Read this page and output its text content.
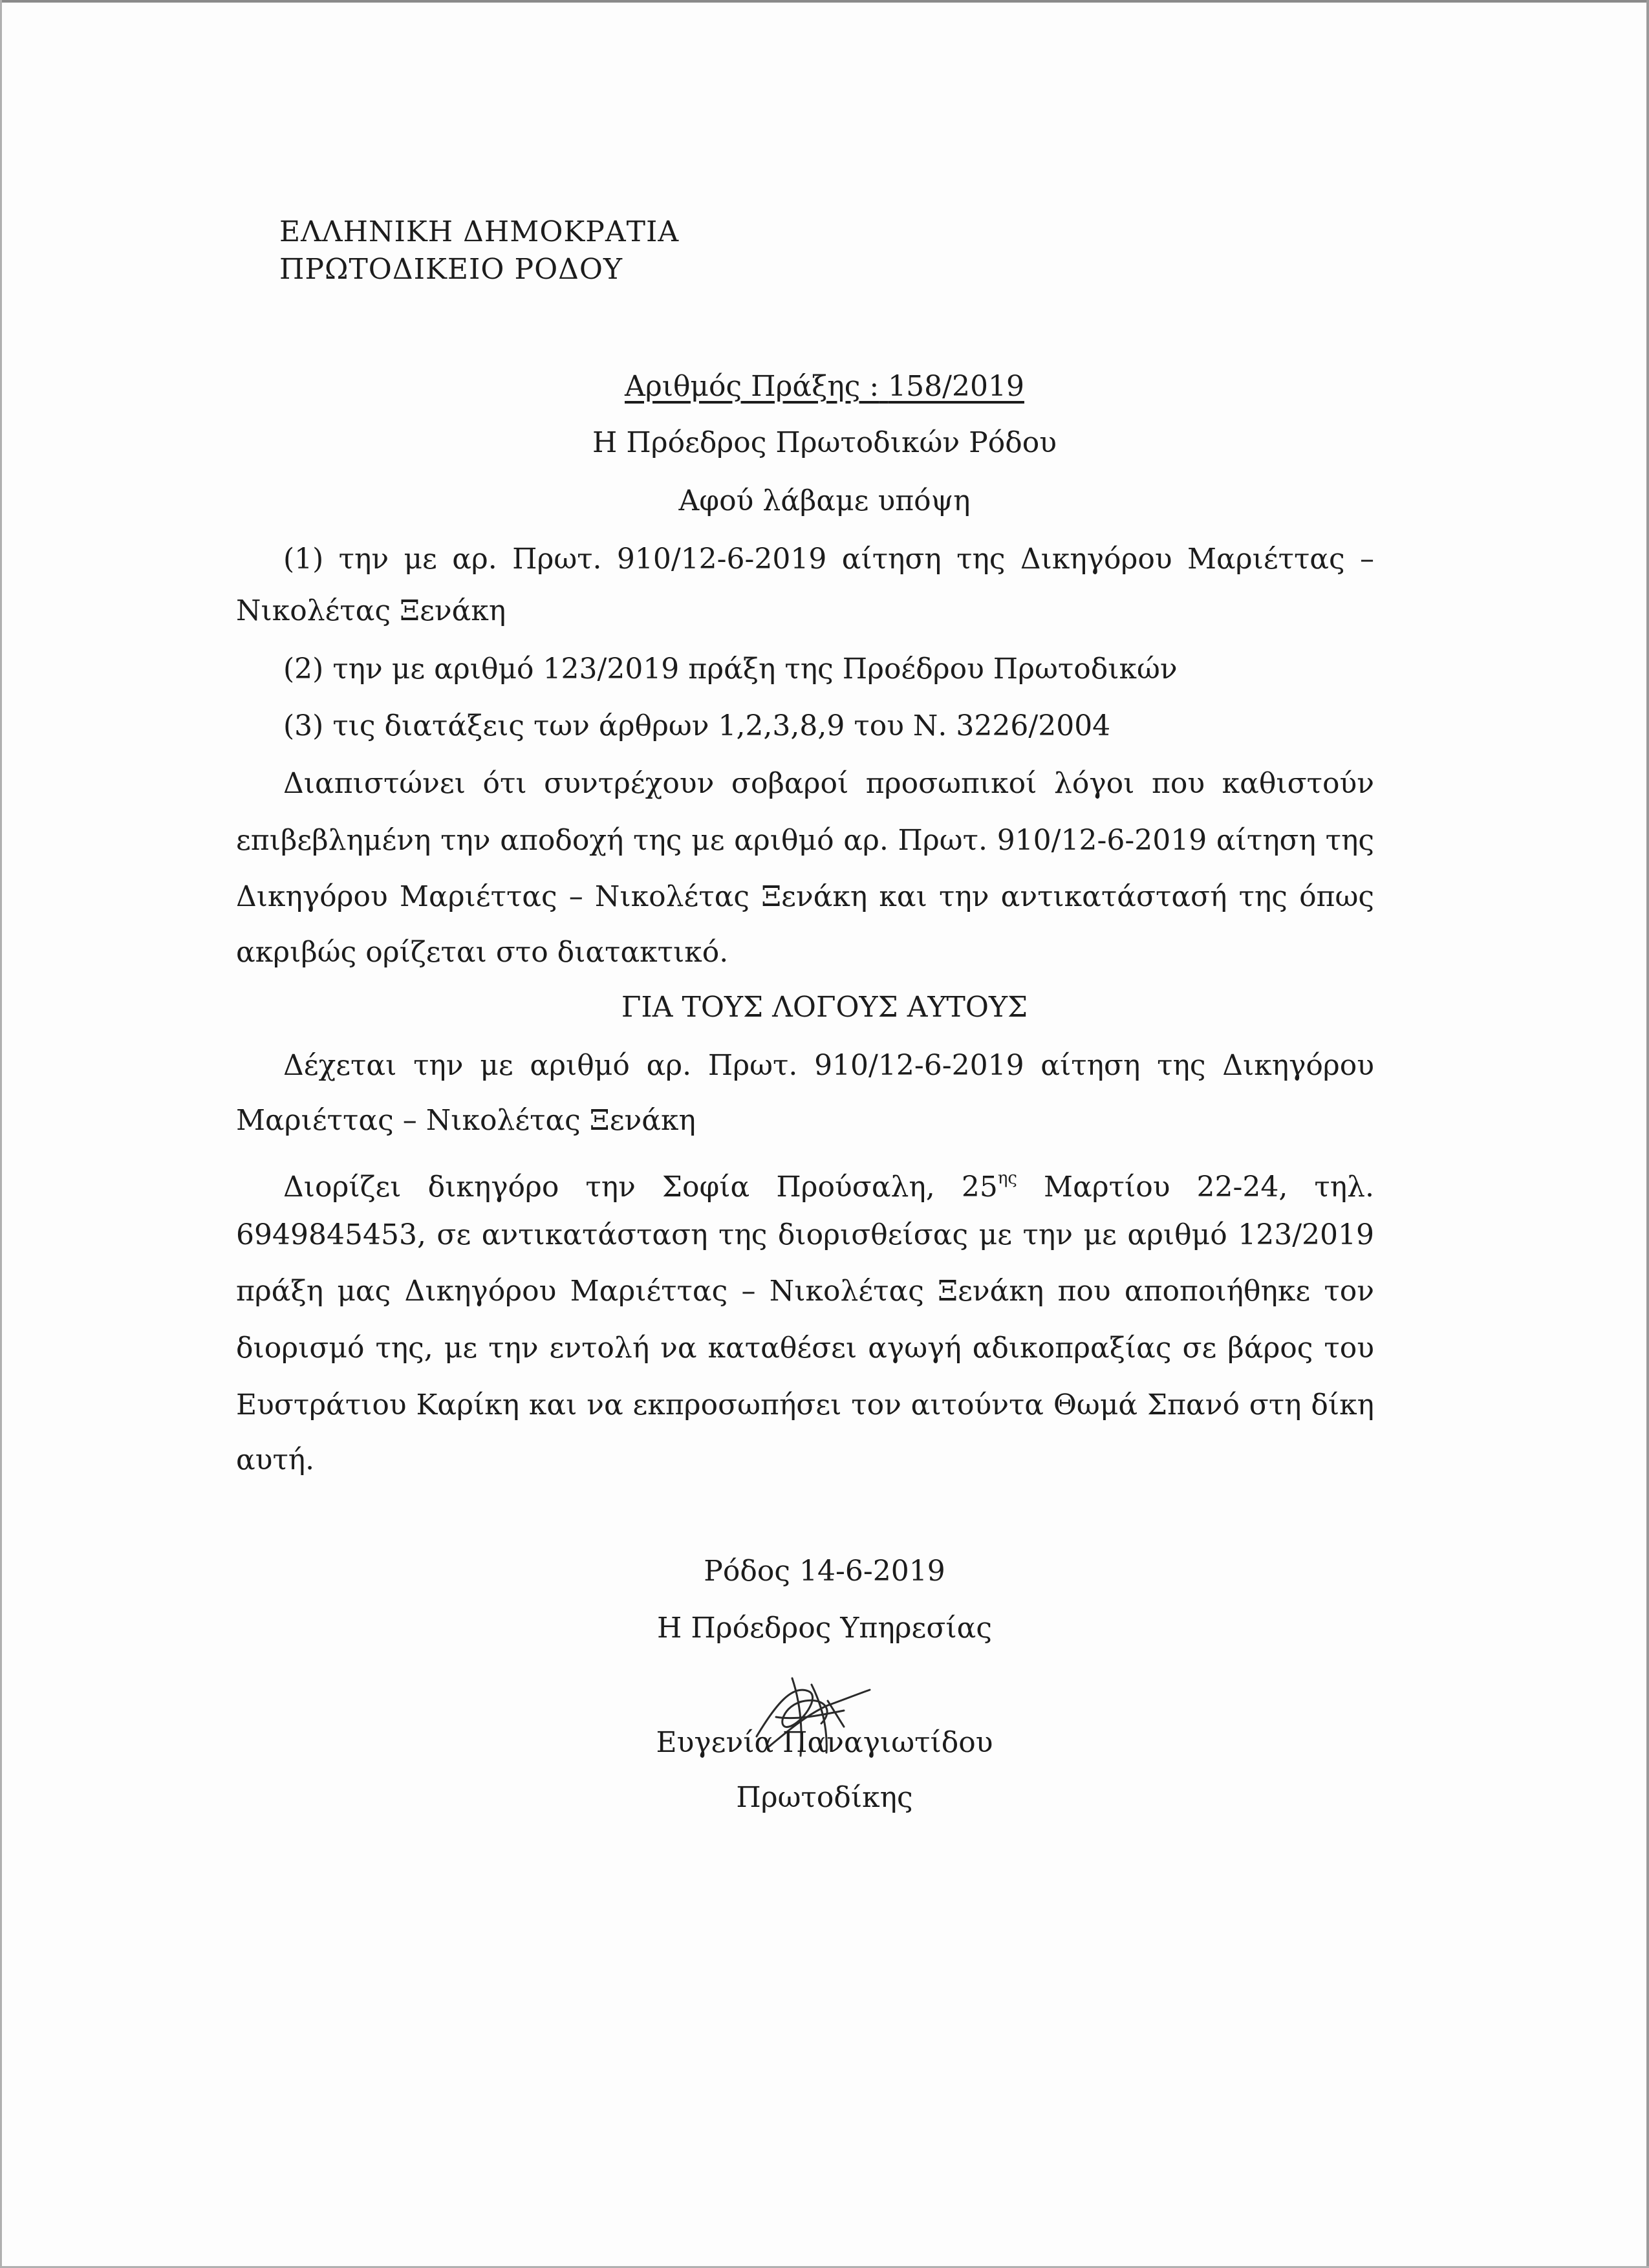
ΕΛΛΗΝΙΚΗ ΔΗΜΟΚΡΑΤΙΑ
ΠΡΩΤΟΔΙΚΕΙΟ ΡΟΔΟΥ
Αριθμός Πράξης : 158/2019
Η Πρόεδρος Πρωτοδικών Ρόδου
Αφού λάβαμε υπόψη
(1) την με αρ. Πρωτ. 910/12-6-2019 αίτηση της Δικηγόρου Μαριέττας –
Νικολέτας Ξενάκη
(2) την με αριθμό 123/2019 πράξη της Προέδρου Πρωτοδικών
(3) τις διατάξεις των άρθρων 1,2,3,8,9 του Ν. 3226/2004
Διαπιστώνει ότι συντρέχουν σοβαροί προσωπικοί λόγοι που καθιστούν
επιβεβλημένη την αποδοχή της με αριθμό αρ. Πρωτ. 910/12-6-2019 αίτηση της
Δικηγόρου Μαριέττας – Νικολέτας Ξενάκη και την αντικατάστασή της όπως
ακριβώς ορίζεται στο διατακτικό.
ΓΙΑ ΤΟΥΣ ΛΟΓΟΥΣ ΑΥΤΟΥΣ
Δέχεται την με αριθμό αρ. Πρωτ. 910/12-6-2019 αίτηση της Δικηγόρου
Μαριέττας – Νικολέτας Ξενάκη
Διορίζει δικηγόρο την Σοφία Προύσαλη, $25^{\eta\varsigma}$ Μαρτίου 22-24, τηλ.
6949845453, σε αντικατάσταση της διορισθείσας με την με αριθμό 123/2019
πράξη μας Δικηγόρου Μαριέττας – Νικολέτας Ξενάκη που αποποιήθηκε τον
διορισμό της, με την εντολή να καταθέσει αγωγή αδικοπραξίας σε βάρος του
Ευστράτιου Καρίκη και να εκπροσωπήσει τον αιτούντα Θωμά Σπανό στη δίκη
αυτή.
Ρόδος 14-6-2019
Η Πρόεδρος Υπηρεσίας
Ευγενία Παναγιωτίδου
Πρωτοδίκης
